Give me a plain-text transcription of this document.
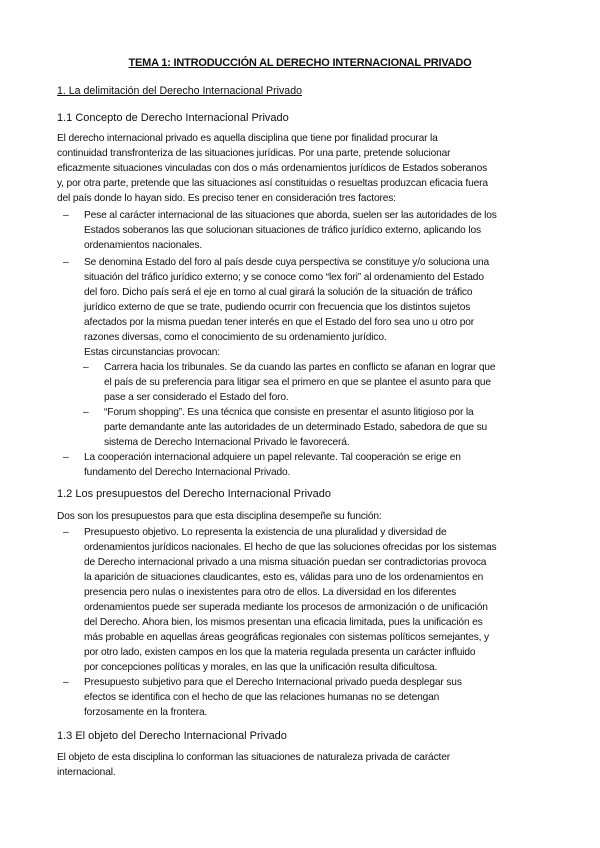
TEMA 1: INTRODUCCIÓN AL DERECHO INTERNACIONAL PRIVADO
1. La delimitación del Derecho Internacional Privado
1.1 Concepto de Derecho Internacional Privado
El derecho internacional privado es aquella disciplina que tiene por finalidad procurar la
continuidad transfronteriza de las situaciones jurídicas. Por una parte, pretende solucionar
eficazmente situaciones vinculadas con dos o más ordenamientos jurídicos de Estados soberanos
y, por otra parte, pretende que las situaciones así constituidas o resueltas produzcan eficacia fuera
del país donde lo hayan sido. Es preciso tener en consideración tres factores:
– Pese al carácter internacional de las situaciones que aborda, suelen ser las autoridades de los
Estados soberanos las que solucionan situaciones de tráfico jurídico externo, aplicando los
ordenamientos nacionales.
– Se denomina Estado del foro al país desde cuya perspectiva se constituye y/o soluciona una
situación del tráfico jurídico externo; y se conoce como “lex fori” al ordenamiento del Estado
del foro. Dicho país será el eje en torno al cual girará la solución de la situación de tráfico
jurídico externo de que se trate, pudiendo ocurrir con frecuencia que los distintos sujetos
afectados por la misma puedan tener interés en que el Estado del foro sea uno u otro por
razones diversas, como el conocimiento de su ordenamiento jurídico.
Estas circunstancias provocan:
– Carrera hacia los tribunales. Se da cuando las partes en conflicto se afanan en lograr que
el país de su preferencia para litigar sea el primero en que se plantee el asunto para que
pase a ser considerado el Estado del foro.
– “Forum shopping”. Es una técnica que consiste en presentar el asunto litigioso por la
parte demandante ante las autoridades de un determinado Estado, sabedora de que su
sistema de Derecho Internacional Privado le favorecerá.
– La cooperación internacional adquiere un papel relevante. Tal cooperación se erige en
fundamento del Derecho Internacional Privado.
1.2 Los presupuestos del Derecho Internacional Privado
Dos son los presupuestos para que esta disciplina desempeñe su función:
– Presupuesto objetivo. Lo representa la existencia de una pluralidad y diversidad de
ordenamientos jurídicos nacionales. El hecho de que las soluciones ofrecidas por los sistemas
de Derecho internacional privado a una misma situación puedan ser contradictorias provoca
la aparición de situaciones claudicantes, esto es, válidas para uno de los ordenamientos en
presencia pero nulas o inexistentes para otro de ellos. La diversidad en los diferentes
ordenamientos puede ser superada mediante los procesos de armonización o de unificación
del Derecho. Ahora bien, los mismos presentan una eficacia limitada, pues la unificación es
más probable en aquellas áreas geográficas regionales con sistemas políticos semejantes, y
por otro lado, existen campos en los que la materia regulada presenta un carácter influido
por concepciones políticas y morales, en las que la unificación resulta dificultosa.
– Presupuesto subjetivo para que el Derecho Internacional privado pueda desplegar sus
efectos se identifica con el hecho de que las relaciones humanas no se detengan
forzosamente en la frontera.
1.3 El objeto del Derecho Internacional Privado
El objeto de esta disciplina lo conforman las situaciones de naturaleza privada de carácter
internacional.
